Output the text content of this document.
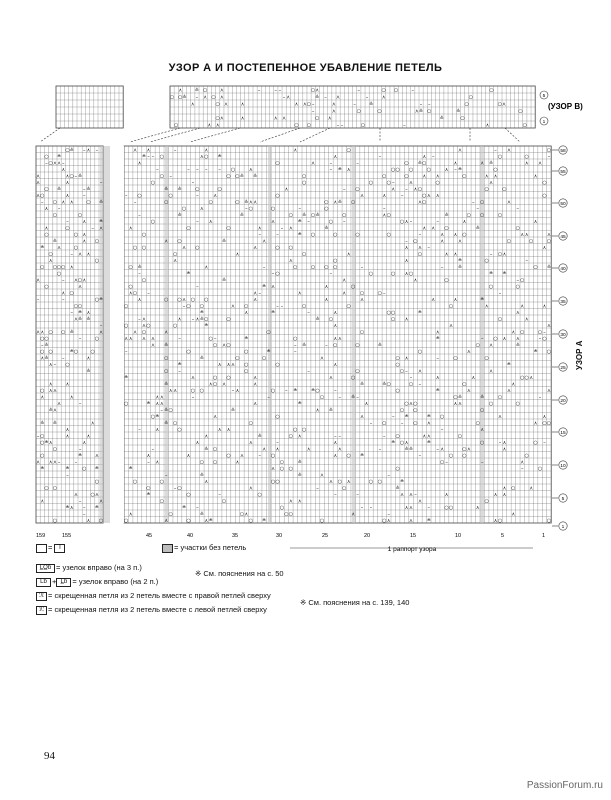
УЗОР А И ПОСТЕПЕННОЕ УБАВЛЕНИЕ ПЕТЕЛЬ
⋏ ⋏	–	⋏	⋏	○	⋏	– ⋏	○
○ ≗ – ⋏ –
≗ – – ○	⋏ ○ ≗	⋏	–	⋏ –	○	○	–
○ ≗
⋏	○	⋏	–	–	○ ≗ ○	⋏	⋏ ≗	⋏ ⋏
– ○ ⋏ ⋏ –
–	– – – – ○	⋏	– ≗ ⋏	○ ○ ○	○	⋏ – ≗	○
⋏
○ –	○ ○ ≗ ≗	○	○	○	⋏ ⋏	○	⋏ ⋏	⋏
⋏	⋏ ○ – ≗
○	–	○	○	○ –	⋏	○	⋏	○
⋏	⋏	–
≗ ≗	○	○	⋏	– ○	⋏ – ⋏ ○	○	○
○ ≗	– ≗
– ○	○	–	⋏	○	⋏	⋏	–	○ ⋏ ⋏	○
⋏ ○	⋏	–
–	○	○	○ ≗ ⋏ ⋏	○ ⋏ ≗ ○	⋏ ○	– ○	⋏
– ○ ⋏ ⋏	○ ≗
○	⋏	– ○	○	–	○	–	–	–
⋏ –
–	≗	≗	○ ≗ ○ ≗	○	⋏ ○	≗	○ ○	○
○	○
○	– ⋏	⋏	≗ –	○ –	○ ⋏ –	–	⋏	⋏
–	⋏	≗
⋏	○	○	⋏	– ⋏	≗	⋏ ⋏ ○	≗	○
⋏	○	– ⋏
○	–	–	≗ ○	○	○	○	–	⋏ ⋏ ○	⋏ ⋏	⋏
○	○ ⋏
⋏ ○	≗	⋏	– ○	⋏	⋏	○	○	○
≗	⋏ ○
○ ○	⋏ ○	⋏	○ ○	⋏ ⋏ –	⋏
≗	⋏	○
○	⋏	○	⋏	○	⋏ ⋏	– ○ ⋏
○	– ⋏ ⋏
⋏	⋏	○	⋏	≗	○	–
⋏	○
○ ≗	⋏	–	○	○ ○ ○	–	–	≗	○ ≗
○ ○ ○ ○ ⋏
–	≗	– ○	–	○	○ ⋏ ○	≗ ≗
○
○	≗	⋏	⋏	○	– ○
⋏	– ⋏ ○ ⋏
○	–	≗ ⋏	⋏	○	○	○
○	⋏
⋏ ○ –	⋏ –	⋏	⋏	○	○ –	–
⋏ ○
⋏	○ ○ ⋏ ○ ○	⋏	⋏	⋏	⋏	⋏	≗
–	–	○ ≗
○	– ○ ○	⋏ ○	– –	○	○	○	⋏	⋏	⋏
○ ○
≗	⋏	≗	–	⋏	○ ○	≗	⋏
– ≗ ⋏
– ⋏	⋏ – ⋏ ≗ ○	○	≗ ○	○ ⋏	○	⋏
⋏ ≗ ≗
○	⋏ ○	○	≗	⋏	⋏	⋏
–
⋏ ○	⋏	○	○	⋏	⋏ ○	○ –
⋏ ⋏ ○ ○ ≗	⋏
⋏ ⋏ ⋏ ⋏	–	○ –	≗	○	⋏ ⋏	≗	– ○ ⋏ ⋏	– ○
○ ○	–	○
⋏ ≗	○ ⋏ ○	– ≗	– ○	○	≗	○ ⋏	≗
– ≗
–	○	○	≗	–	○	⋏	≗ ○
○ ○	≗ ○ ○
○	≗	○	○	⋏	○ ⋏	–	○	○
⋏ ≗	–	⋏
≗	⋏ ⋏ ⋏ ○	○	⋏	○	≗
⋏ – ○
○ –	○	–	○	○ – ⋏	⋏
≗
≗	⋏	○ ○	⋏	⋏	○	–	⋏	⋏	○ ○ ⋏
≗	⋏ ○ ⋏	⋏	≗	≗ ○	○ –	○	⋏
⋏	⋏
⋏ ⋏	○ ○	– ⋏	○ – ≗	≗ ○	–	○	≗	⋏	⋏	⋏
○ ⋏ ⋏
⋏ ⋏	–	–	○	– ≗ –	○ ≗	≗	○	–
⋏	⋏
○	≗ ⋏ ⋏	⋏	≗	⋏	○ ⋏ ○	⋏ ⋏	○	○
⋏	–
– ≗ ○	≗	⋏ ≗	○ ○	○
≗ ⋏
○ ≗	⋏	○	⋏	– ≗	≗ ○	⋏	⋏
≗ ○	○	– ○	– ○ ⋏	○	⋏ ○ ○
≗ ≗	⋏
–	⋏	○	⋏ ⋏	○ ○	–	⋏
⋏
⋏	≗	○ ⋏	– –	– ○	⋏ ⋏	○
– ○	⋏	⋏
⋏	⋏	–	⋏	≗ ○ ⋏	≗	○	– ⋏	○ –
○ ≗ ⋏	⋏
–	≗ ○	⋏ ⋏	⋏	⋏	–	≗ ≗	– ⋏	○ ⋏	⋏
○	–
⋏	⋏	○ ⋏	– ○	⋏ ○ ≗	–	○ ○	○
○	≗	⋏
– ⋏	○ ○	⋏	○	≗	○ –	–	⋏
⋏ ⋏ ⋏ –	–
≗	⋏ ○ ○	○	–	○
≗	≗	○ ≗
–	≗	≗	⋏	–
–
○	○	⋏	○ ○	⋏ ○ ⋏	○ ○	≗
○
○	– ○	⋏	–	○	≗	⋏ ○	⋏
○ ○
≗	○	–	○	–	–	⋏ ⋏ –	⋏	⋏ ⋏
⋏	○ ⋏
○	○	⋏ ⋏	⋏	○
⋏	–	⋏
≗ –	○	– –	⋏ ⋏	–	○ ○	⋏
≗ ⋏ – ≗
⋏	○	≗	○ ⋏	○ ○	⋏	–	⋏
–
○	⋏	○	⋏ ≗	○ ≗	○	○ ⋏	⋏	≗	⋏ ○	○
○	⋏ ○
⋏	≗ ○	⋏	–	– –	○ ⋏	–	○ ○	–	○
○ ○ ≗ – ⋏ ○ ⋏	– ⋏	≗ – ⋏	–	⋏	○
⋏	○ ⋏	⋏	⋏ ⋏ ○ –	⋏	–	≗	– –	○	○ ⋏
–	⋏	○	○	⋏ ≗ ○	≗	○
○ ⋏	⋏	⋏ ⋏	○ ⋏	≗	○
○	⋏ ⋏	○ ○	– –	○	–	⋏	○
58
55
50
45
40
35
30
25
20
15
10
5
1
5
1
(УЗОР В)
159	155	45	40	35	30	25	20	15	10	5	1
1 раппорт узора
УЗОР А
= I	= участки без петель
L̲O̲b = узелок вправо (на 3 п.)
※ См. пояснения на с. 50
Lb + L̲b = узелок вправо (на 2 п.)
ℛ = скрещенная петля из 2 петель вместе с правой петлей сверху
※ См. пояснения на с. 139, 140
ℛ = скрещенная петля из 2 петель вместе с левой петлей сверху
94
PassionForum.ru
